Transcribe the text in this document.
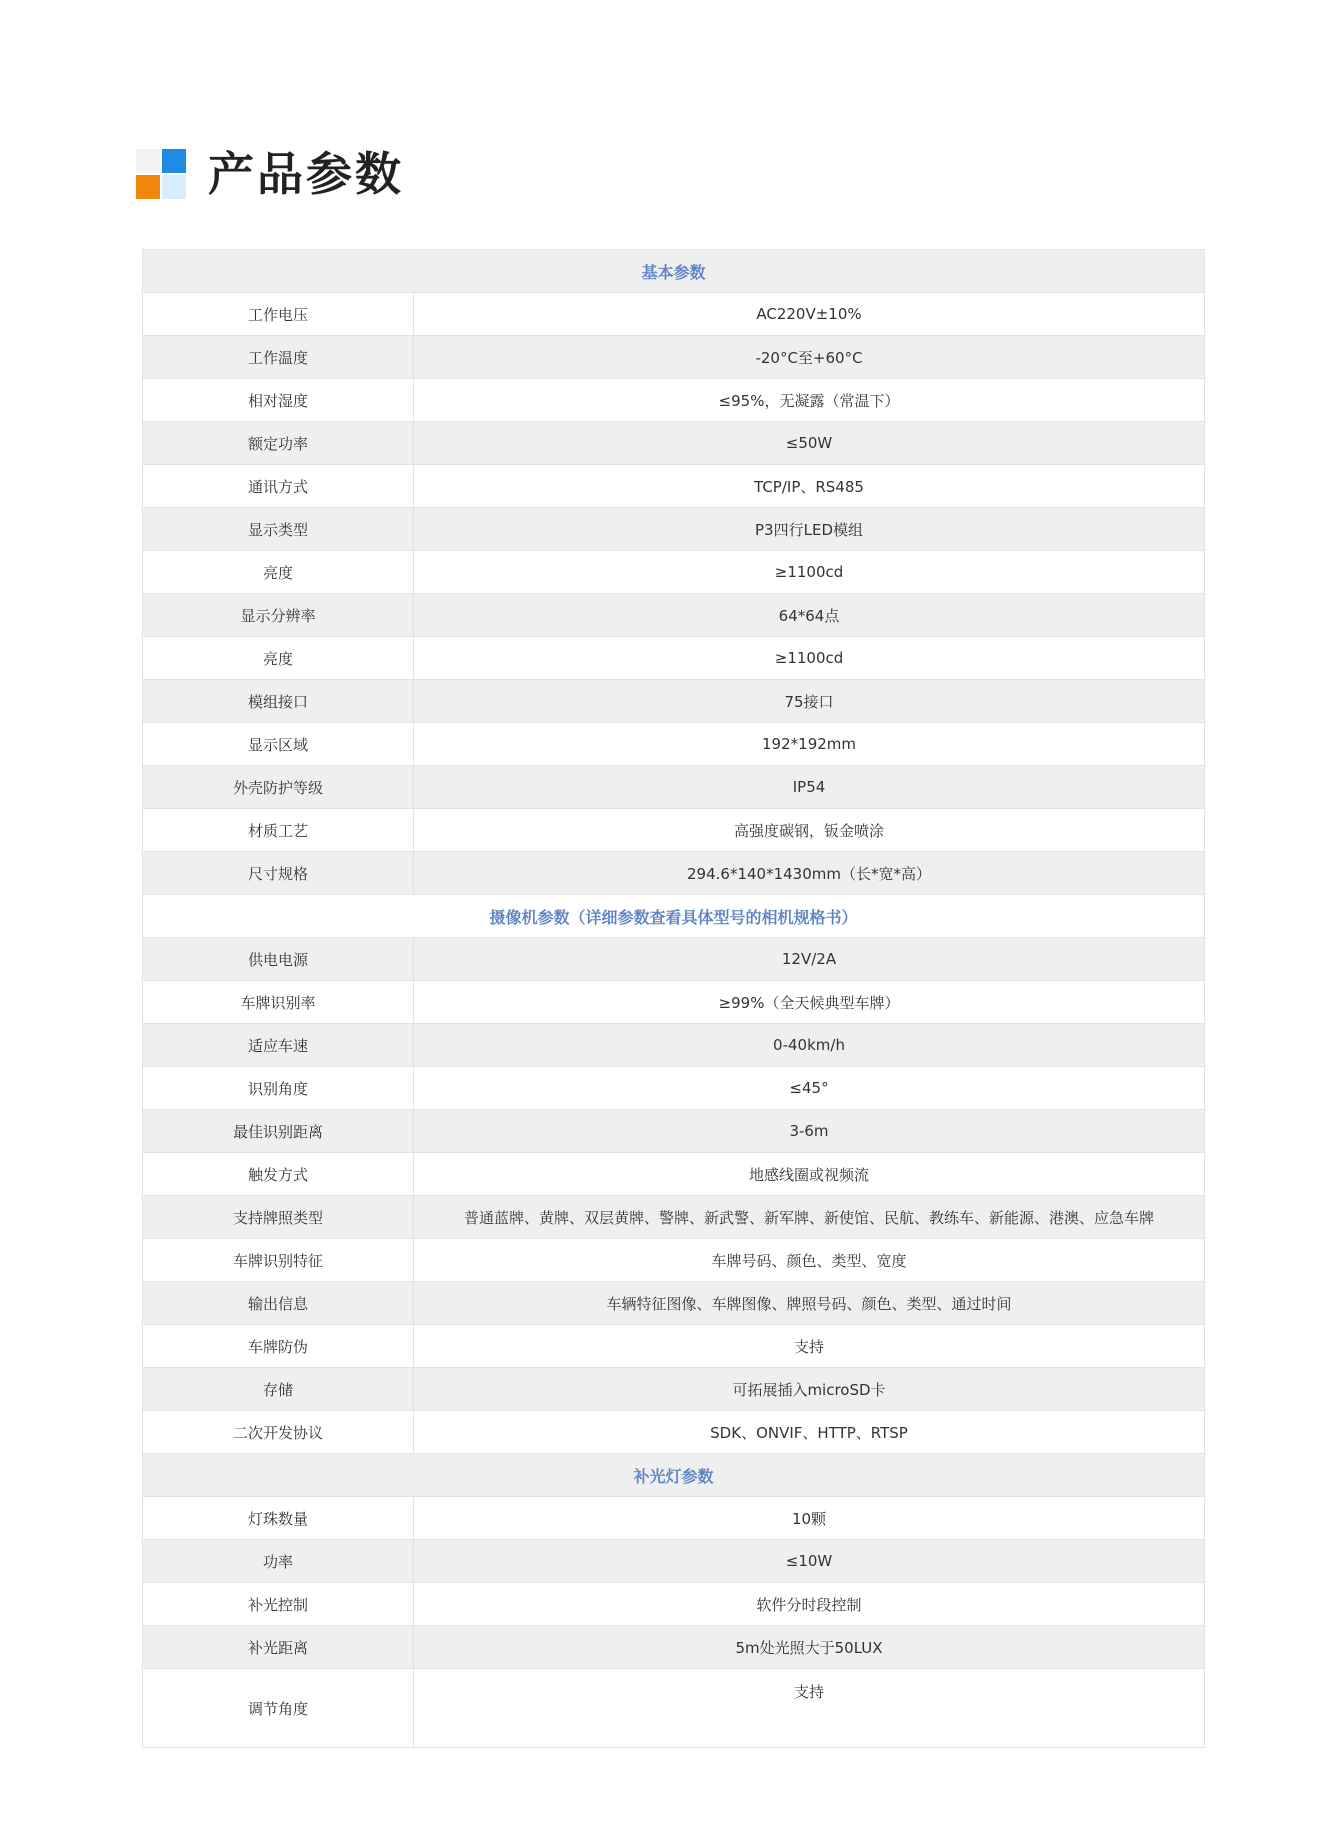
产品参数
基本参数	
工作电压	AC220V±10%
工作温度	-20°C至+60°C
相对湿度	≤95%，无凝露（常温下）
额定功率	≤50W
通讯方式	TCP/IP、RS485
显示类型	P3四行LED模组
亮度	≥1100cd
显示分辨率	64*64点
亮度	≥1100cd
模组接口	75接口
显示区域	192*192mm
外壳防护等级	IP54
材质工艺	高强度碳钢，钣金喷涂
尺寸规格	294.6*140*1430mm（长*宽*高）
摄像机参数（详细参数查看具体型号的相机规格书）	
供电电源	12V/2A
车牌识别率	≥99%（全天候典型车牌）
适应车速	0-40km/h
识别角度	≤45°
最佳识别距离	3-6m
触发方式	地感线圈或视频流
支持牌照类型	普通蓝牌、黄牌、双层黄牌、警牌、新武警、新军牌、新使馆、民航、教练车、新能源、港澳、应急车牌
车牌识别特征	车牌号码、颜色、类型、宽度
输出信息	车辆特征图像、车牌图像、牌照号码、颜色、类型、通过时间
车牌防伪	支持
存储	可拓展插入microSD卡
二次开发协议	SDK、ONVIF、HTTP、RTSP
补光灯参数	
灯珠数量	10颗
功率	≤10W
补光控制	软件分时段控制
补光距离	5m处光照大于50LUX
调节角度	支持
